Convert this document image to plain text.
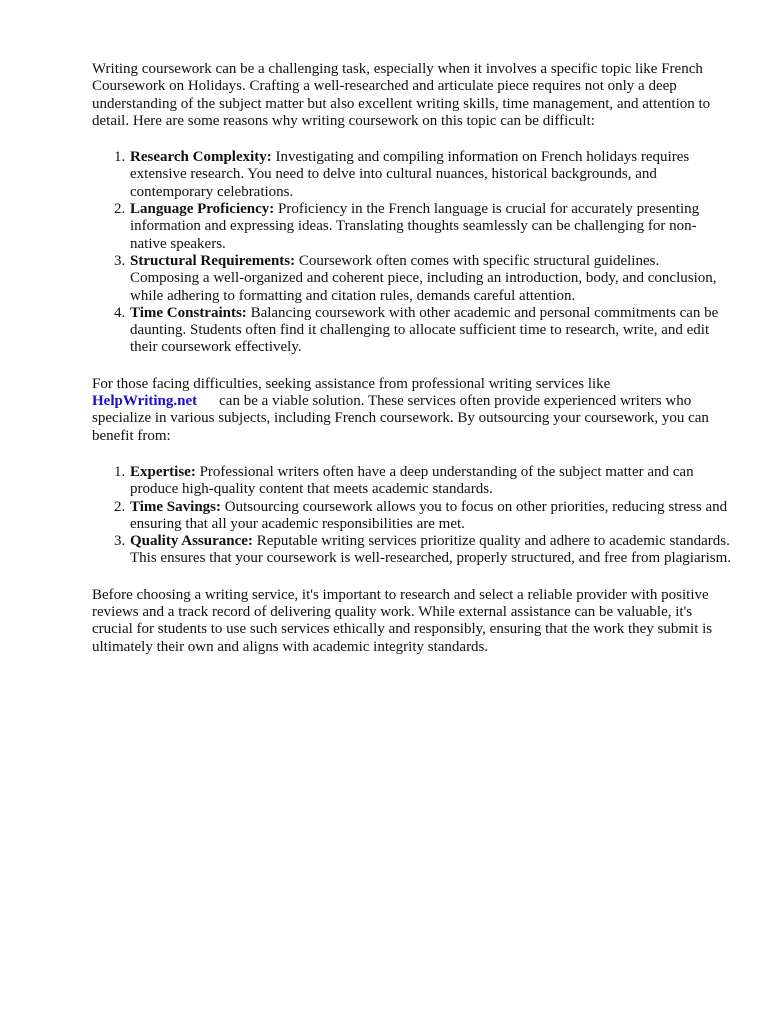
Writing coursework can be a challenging task, especially when it involves a specific topic like French Coursework on Holidays. Crafting a well-researched and articulate piece requires not only a deep understanding of the subject matter but also excellent writing skills, time management, and attention to detail. Here are some reasons why writing coursework on this topic can be difficult:

1. Research Complexity: Investigating and compiling information on French holidays requires extensive research. You need to delve into cultural nuances, historical backgrounds, and contemporary celebrations.
2. Language Proficiency: Proficiency in the French language is crucial for accurately presenting information and expressing ideas. Translating thoughts seamlessly can be challenging for non-native speakers.
3. Structural Requirements: Coursework often comes with specific structural guidelines. Composing a well-organized and coherent piece, including an introduction, body, and conclusion, while adhering to formatting and citation rules, demands careful attention.
4. Time Constraints: Balancing coursework with other academic and personal commitments can be daunting. Students often find it challenging to allocate sufficient time to research, write, and edit their coursework effectively.

For those facing difficulties, seeking assistance from professional writing services like
HelpWriting.net can be a viable solution. These services often provide experienced writers who specialize in various subjects, including French coursework. By outsourcing your coursework, you can benefit from:

1. Expertise: Professional writers often have a deep understanding of the subject matter and can produce high-quality content that meets academic standards.
2. Time Savings: Outsourcing coursework allows you to focus on other priorities, reducing stress and ensuring that all your academic responsibilities are met.
3. Quality Assurance: Reputable writing services prioritize quality and adhere to academic standards. This ensures that your coursework is well-researched, properly structured, and free from plagiarism.

Before choosing a writing service, it's important to research and select a reliable provider with positive reviews and a track record of delivering quality work. While external assistance can be valuable, it's crucial for students to use such services ethically and responsibly, ensuring that the work they submit is ultimately their own and aligns with academic integrity standards.
